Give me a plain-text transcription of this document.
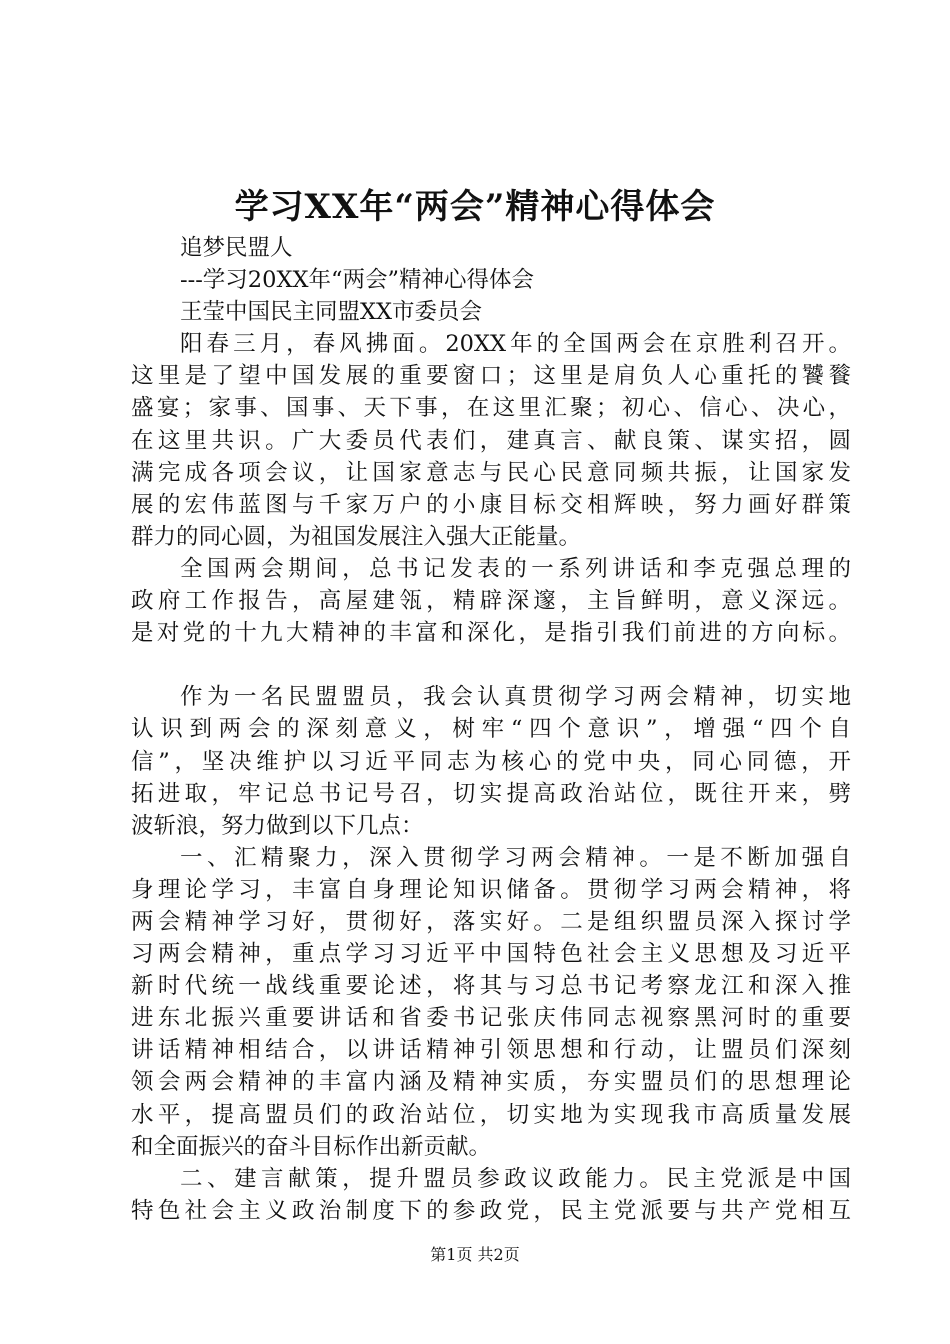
学习XX年“两会”精神心得体会
追梦民盟人
---学习20XX年“两会”精神心得体会
王莹中国民主同盟XX市委员会
阳春三月，春风拂面。20XX年的全国两会在京胜利召开。
这里是了望中国发展的重要窗口；这里是肩负人心重托的饕餮
盛宴；家事、国事、天下事，在这里汇聚；初心、信心、决心，
在这里共识。广大委员代表们，建真言、献良策、谋实招，圆
满完成各项会议，让国家意志与民心民意同频共振，让国家发
展的宏伟蓝图与千家万户的小康目标交相辉映，努力画好群策
群力的同心圆，为祖国发展注入强大正能量。
全国两会期间，总书记发表的一系列讲话和李克强总理的
政府工作报告，高屋建瓴，精辟深邃，主旨鲜明，意义深远。
是对党的十九大精神的丰富和深化，是指引我们前进的方向标。
作为一名民盟盟员，我会认真贯彻学习两会精神，切实地
认识到两会的深刻意义，树牢“四个意识”，增强“四个自
信”，坚决维护以习近平同志为核心的党中央，同心同德，开
拓进取，牢记总书记号召，切实提高政治站位，既往开来，劈
波斩浪，努力做到以下几点：
一、汇精聚力，深入贯彻学习两会精神。一是不断加强自
身理论学习，丰富自身理论知识储备。贯彻学习两会精神，将
两会精神学习好，贯彻好，落实好。二是组织盟员深入探讨学
习两会精神，重点学习习近平中国特色社会主义思想及习近平
新时代统一战线重要论述，将其与习总书记考察龙江和深入推
进东北振兴重要讲话和省委书记张庆伟同志视察黑河时的重要
讲话精神相结合，以讲话精神引领思想和行动，让盟员们深刻
领会两会精神的丰富内涵及精神实质，夯实盟员们的思想理论
水平，提高盟员们的政治站位，切实地为实现我市高质量发展
和全面振兴的奋斗目标作出新贡献。
二、建言献策，提升盟员参政议政能力。民主党派是中国
特色社会主义政治制度下的参政党，民主党派要与共产党相互
第1页 共2页
